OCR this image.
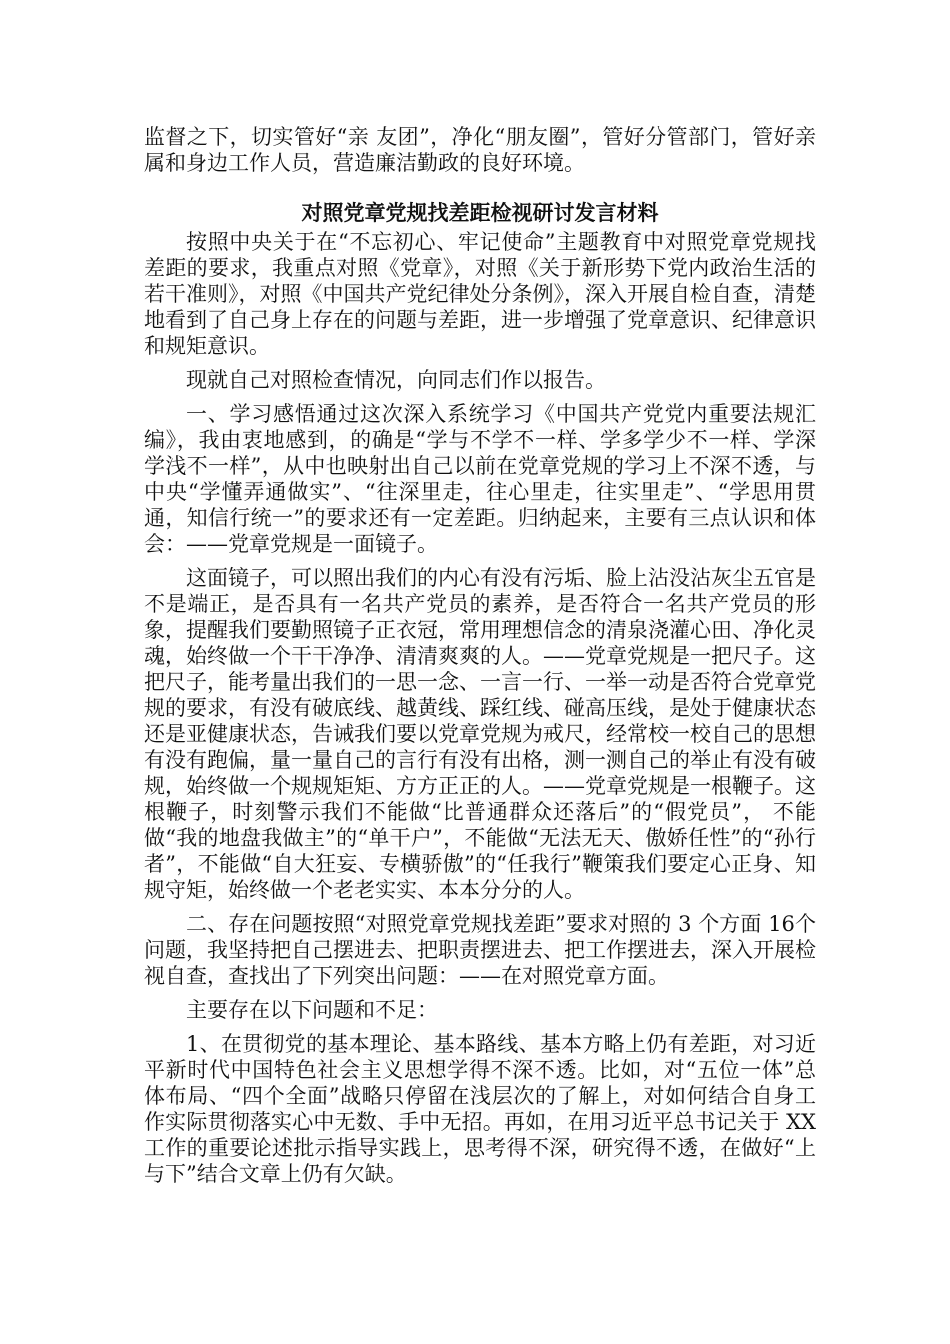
监督之下，切实管好“亲 友团”，净化“朋友圈”，管好分管部门，管好亲属和身边工作人员，营造廉洁勤政的良好环境。

对照党章党规找差距检视研讨发言材料

按照中央关于在“不忘初心、牢记使命”主题教育中对照党章党规找差距的要求，我重点对照《党章》，对照《关于新形势下党内政治生活的若干准则》，对照《中国共产党纪律处分条例》，深入开展自检自查，清楚地看到了自己身上存在的问题与差距，进一步增强了党章意识、纪律意识和规矩意识。

现就自己对照检查情况，向同志们作以报告。

一、学习感悟通过这次深入系统学习《中国共产党党内重要法规汇编》，我由衷地感到，的确是“学与不学不一样、学多学少不一样、学深学浅不一样”，从中也映射出自己以前在党章党规的学习上不深不透，与中央“学懂弄通做实”、“往深里走，往心里走，往实里走”、“学思用贯通，知信行统一”的要求还有一定差距。归纳起来，主要有三点认识和体会：——党章党规是一面镜子。

这面镜子，可以照出我们的内心有没有污垢、脸上沾没沾灰尘五官是不是端正，是否具有一名共产党员的素养，是否符合一名共产党员的形象，提醒我们要勤照镜子正衣冠，常用理想信念的清泉浇灌心田、净化灵魂，始终做一个干干净净、清清爽爽的人。——党章党规是一把尺子。这把尺子，能考量出我们的一思一念、一言一行、一举一动是否符合党章党规的要求，有没有破底线、越黄线、踩红线、碰高压线，是处于健康状态还是亚健康状态，告诫我们要以党章党规为戒尺，经常校一校自己的思想有没有跑偏，量一量自己的言行有没有出格，测一测自己的举止有没有破规，始终做一个规规矩矩、方方正正的人。——党章党规是一根鞭子。这根鞭子，时刻警示我们不能做“比普通群众还落后”的“假党员”， 不能做“我的地盘我做主”的“单干户”，不能做“无法无天、傲娇任性”的“孙行者”，不能做“自大狂妄、专横骄傲”的“任我行”鞭策我们要定心正身、知规守矩，始终做一个老老实实、本本分分的人。

二、存在问题按照“对照党章党规找差距”要求对照的 3 个方面 16个问题，我坚持把自己摆进去、把职责摆进去、把工作摆进去，深入开展检视自查，查找出了下列突出问题：——在对照党章方面。

主要存在以下问题和不足：

1、在贯彻党的基本理论、基本路线、基本方略上仍有差距，对习近平新时代中国特色社会主义思想学得不深不透。比如，对“五位一体”总体布局、“四个全面”战略只停留在浅层次的了解上，对如何结合自身工作实际贯彻落实心中无数、手中无招。再如，在用习近平总书记关于 XX 工作的重要论述批示指导实践上，思考得不深，研究得不透，在做好“上与下”结合文章上仍有欠缺。
